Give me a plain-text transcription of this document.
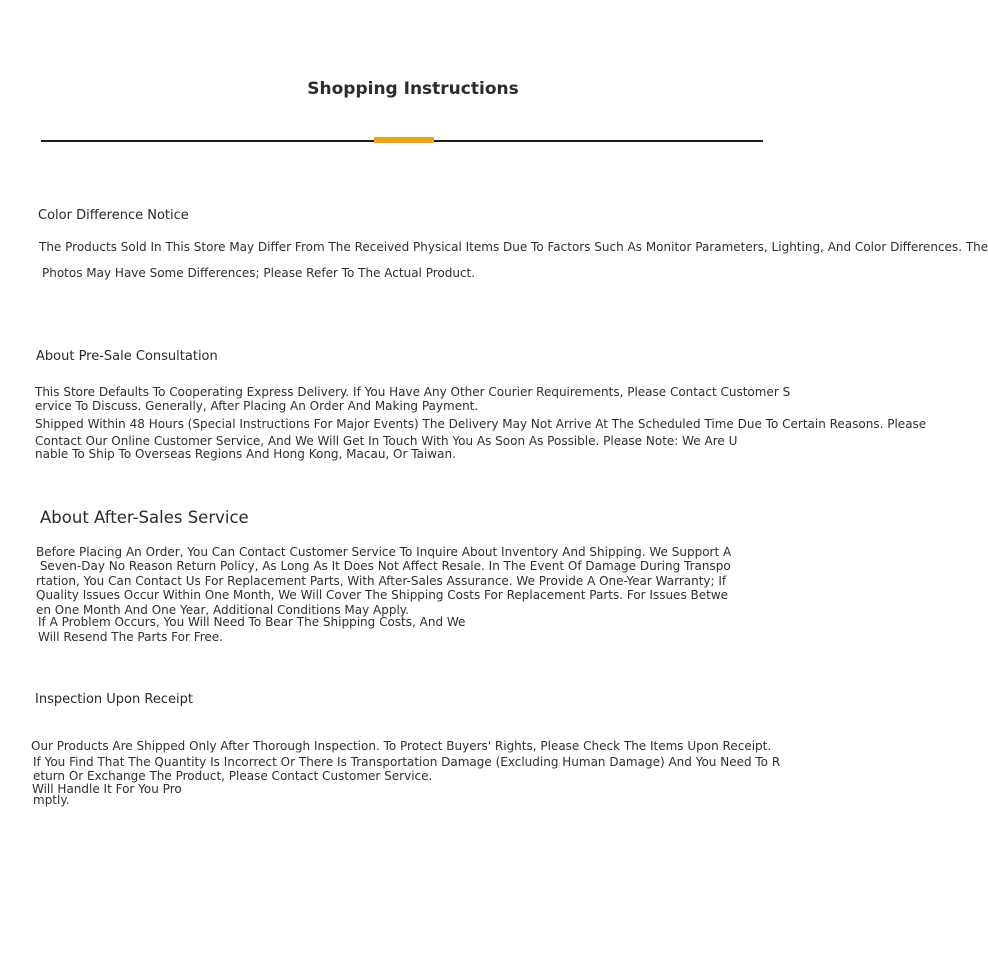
Shopping Instructions
Color Difference Notice
The Products Sold In This Store May Differ From The Received Physical Items Due To Factors Such As Monitor Parameters, Lighting, And Color Differences. The
Photos May Have Some Differences; Please Refer To The Actual Product.
About Pre-Sale Consultation
This Store Defaults To Cooperating Express Delivery. If You Have Any Other Courier Requirements, Please Contact Customer S
ervice To Discuss. Generally, After Placing An Order And Making Payment.
Shipped Within 48 Hours (Special Instructions For Major Events) The Delivery May Not Arrive At The Scheduled Time Due To Certain Reasons. Please
Contact Our Online Customer Service, And We Will Get In Touch With You As Soon As Possible. Please Note: We Are U
nable To Ship To Overseas Regions And Hong Kong, Macau, Or Taiwan.
About After-Sales Service
Before Placing An Order, You Can Contact Customer Service To Inquire About Inventory And Shipping. We Support A
Seven-Day No Reason Return Policy, As Long As It Does Not Affect Resale. In The Event Of Damage During Transpo
rtation, You Can Contact Us For Replacement Parts, With After-Sales Assurance. We Provide A One-Year Warranty; If
Quality Issues Occur Within One Month, We Will Cover The Shipping Costs For Replacement Parts. For Issues Betwe
en One Month And One Year, Additional Conditions May Apply.
If A Problem Occurs, You Will Need To Bear The Shipping Costs, And We
Will Resend The Parts For Free.
Inspection Upon Receipt
Our Products Are Shipped Only After Thorough Inspection. To Protect Buyers' Rights, Please Check The Items Upon Receipt.
If You Find That The Quantity Is Incorrect Or There Is Transportation Damage (Excluding Human Damage) And You Need To R
eturn Or Exchange The Product, Please Contact Customer Service.
Will Handle It For You Pro
mptly.
